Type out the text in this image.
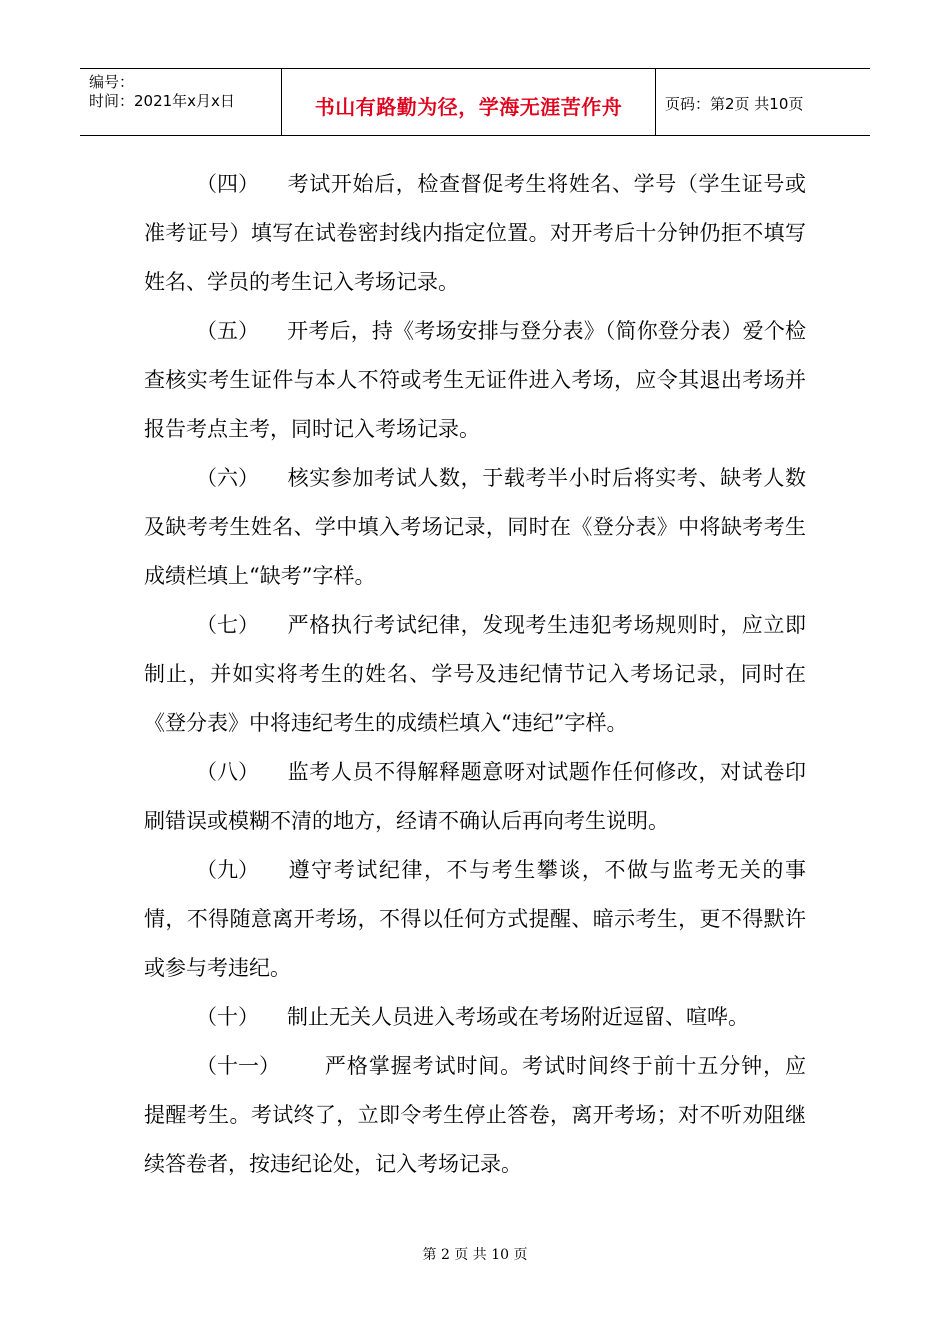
编号：
时间：2021年x月x日	书山有路勤为径，学海无涯苦作舟	页码：第2页 共10页

（四） 考试开始后，检查督促考生将姓名、学号（学生证号或准考证号）填写在试卷密封线内指定位置。对开考后十分钟仍拒不填写姓名、学员的考生记入考场记录。

（五） 开考后，持《考场安排与登分表》（简你登分表）爱个检查核实考生证件与本人不符或考生无证件进入考场，应令其退出考场并报告考点主考，同时记入考场记录。

（六） 核实参加考试人数，于载考半小时后将实考、缺考人数及缺考考生姓名、学中填入考场记录，同时在《登分表》中将缺考考生成绩栏填上“缺考”字样。

（七） 严格执行考试纪律，发现考生违犯考场规则时，应立即制止，并如实将考生的姓名、学号及违纪情节记入考场记录，同时在《登分表》中将违纪考生的成绩栏填入“违纪”字样。

（八） 监考人员不得解释题意呀对试题作任何修改，对试卷印刷错误或模糊不清的地方，经请不确认后再向考生说明。

（九） 遵守考试纪律，不与考生攀谈，不做与监考无关的事情，不得随意离开考场，不得以任何方式提醒、暗示考生，更不得默许或参与考违纪。

（十） 制止无关人员进入考场或在考场附近逗留、喧哗。

（十一） 严格掌握考试时间。考试时间终于前十五分钟，应提醒考生。考试终了，立即令考生停止答卷，离开考场；对不听劝阻继续答卷者，按违纪论处，记入考场记录。

第 2 页 共 10 页
